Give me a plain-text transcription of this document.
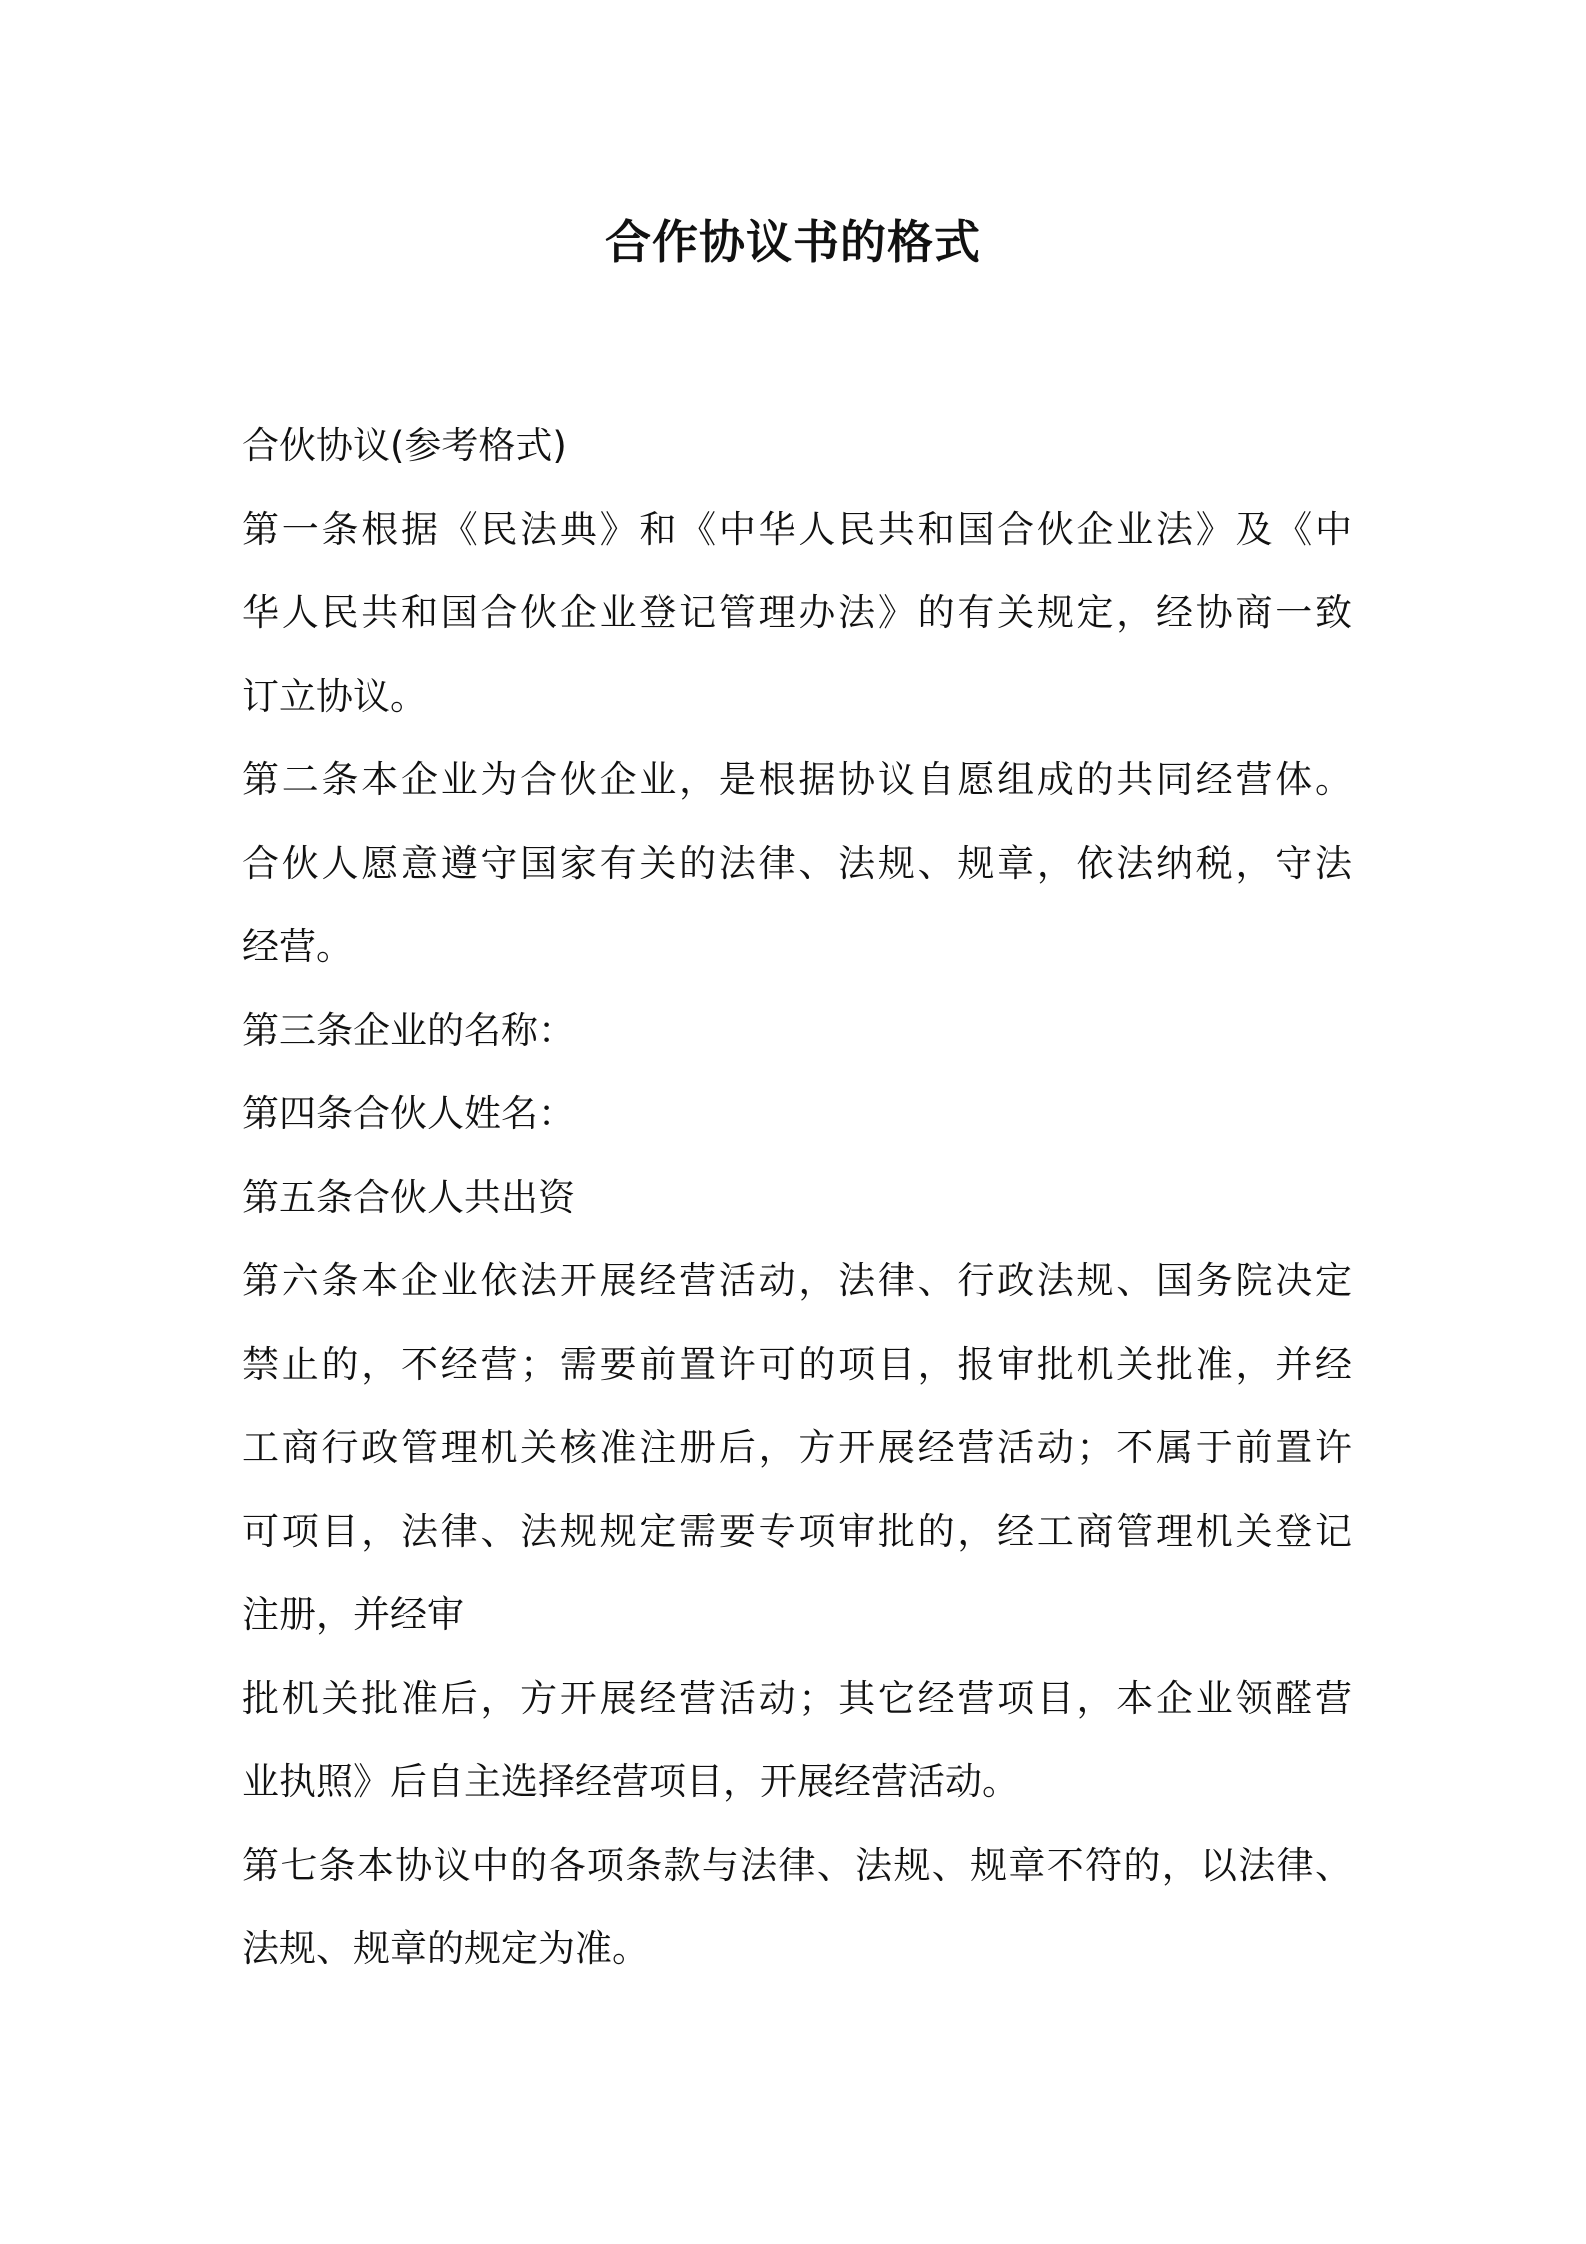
合作协议书的格式
合伙协议(参考格式)
第一条根据《民法典》和《中华人民共和国合伙企业法》及《中
华人民共和国合伙企业登记管理办法》的有关规定，经协商一致
订立协议。
第二条本企业为合伙企业，是根据协议自愿组成的共同经营体。
合伙人愿意遵守国家有关的法律、法规、规章，依法纳税，守法
经营。
第三条企业的名称：
第四条合伙人姓名：
第五条合伙人共出资
第六条本企业依法开展经营活动，法律、行政法规、国务院决定
禁止的，不经营；需要前置许可的项目，报审批机关批准，并经
工商行政管理机关核准注册后，方开展经营活动；不属于前置许
可项目，法律、法规规定需要专项审批的，经工商管理机关登记
注册，并经审
批机关批准后，方开展经营活动；其它经营项目，本企业领醛营
业执照》后自主选择经营项目，开展经营活动。
第七条本协议中的各项条款与法律、法规、规章不符的，以法律、
法规、规章的规定为准。
